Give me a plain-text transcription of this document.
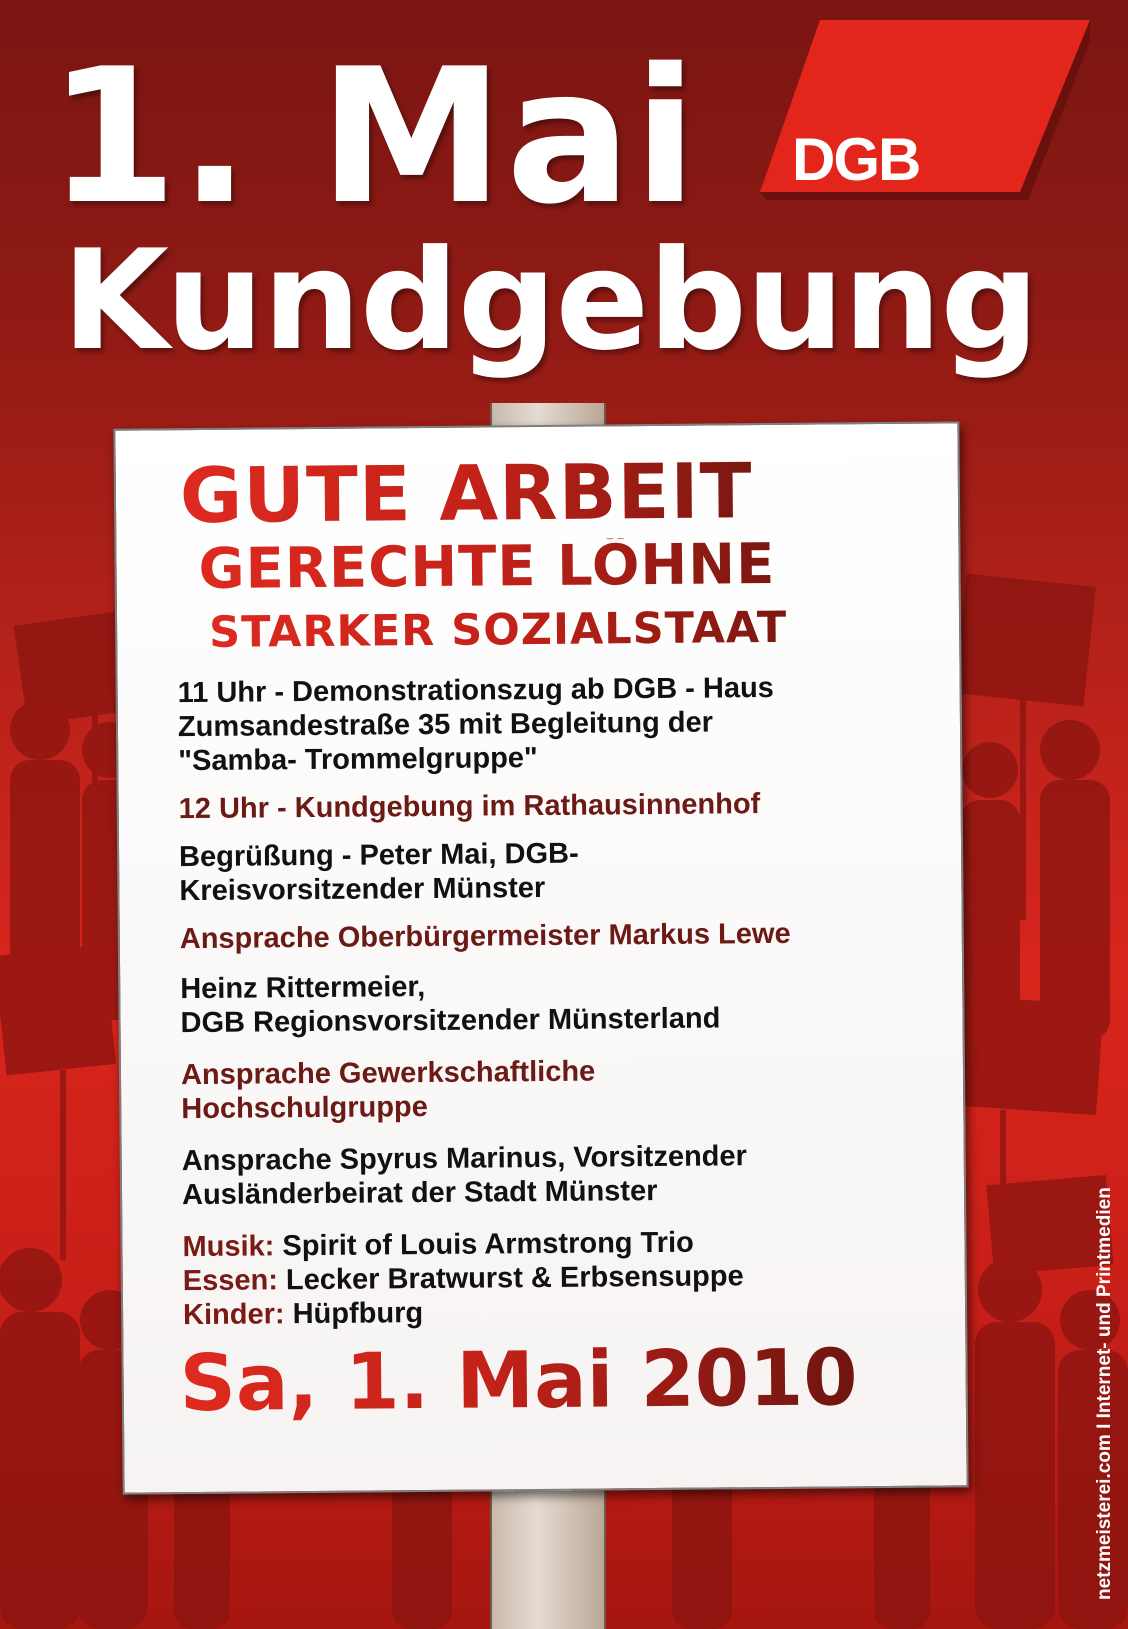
1. Mai
Kundgebung
DGB
GUTE ARBEIT
GERECHTE LÖHNE
STARKER SOZIALSTAAT
11 Uhr - Demonstrationszug ab DGB - Haus
Zumsandestraße 35 mit Begleitung der
"Samba- Trommelgruppe"
12 Uhr - Kundgebung im Rathausinnenhof
Begrüßung - Peter Mai, DGB-
Kreisvorsitzender Münster
Ansprache Oberbürgermeister Markus Lewe
Heinz Rittermeier,
DGB Regionsvorsitzender Münsterland
Ansprache Gewerkschaftliche
Hochschulgruppe
Ansprache Spyrus Marinus, Vorsitzender
Ausländerbeirat der Stadt Münster
Musik: Spirit of Louis Armstrong Trio
Essen: Lecker Bratwurst & Erbsensuppe
Kinder: Hüpfburg
Sa, 1. Mai 2010	netzmeisterei.com I Internet- und Printmedien
